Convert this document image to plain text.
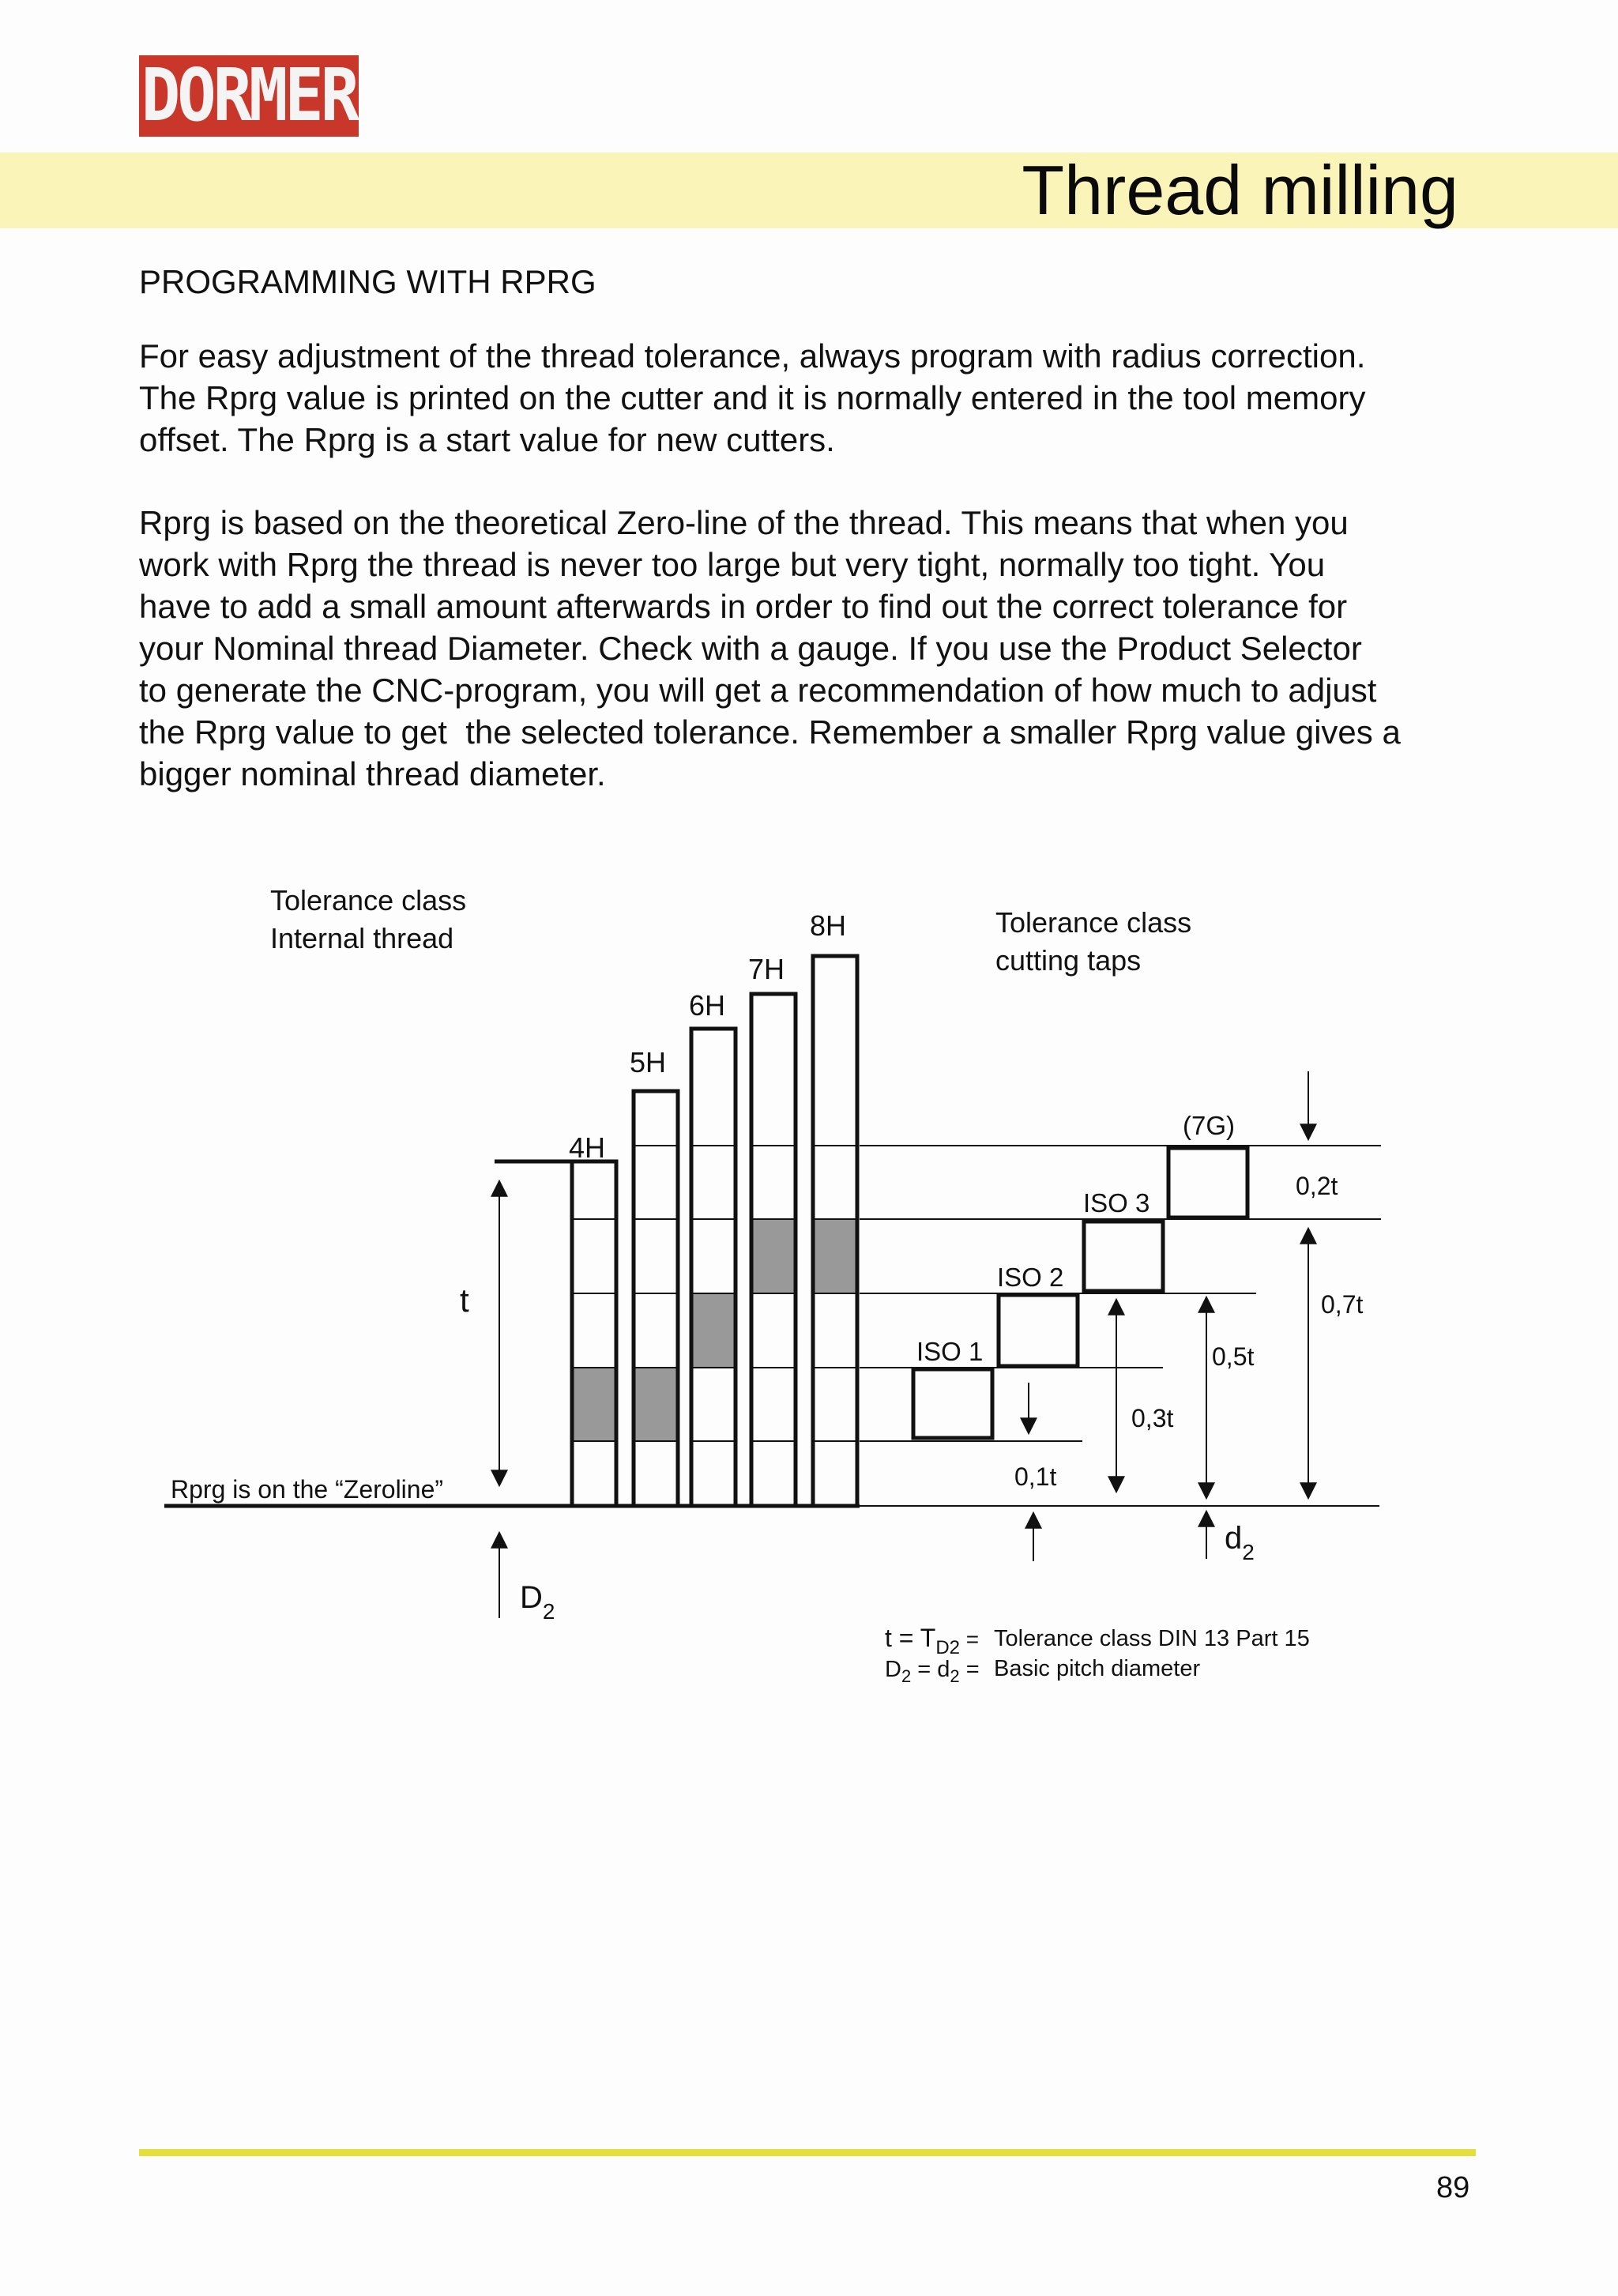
DORMER
Thread milling
PROGRAMMING WITH RPRG
For easy adjustment of the thread tolerance, always program with radius correction.
The Rprg value is printed on the cutter and it is normally entered in the tool memory
offset. The Rprg is a start value for new cutters.
Rprg is based on the theoretical Zero-line of the thread. This means that when you
work with Rprg the thread is never too large but very tight, normally too tight. You
have to add a small amount afterwards in order to find out the correct tolerance for
your Nominal thread Diameter. Check with a gauge. If you use the Product Selector
to generate the CNC-program, you will get a recommendation of how much to adjust
the Rprg value to get  the selected tolerance. Remember a smaller Rprg value gives a
bigger nominal thread diameter.
Tolerance class
Internal thread	Tolerance class
cutting taps
4H
5H
6H
7H
8H
ISO 1
ISO 2
ISO 3
(7G)
t
Rprg is on the “Zeroline”
$D_2$
$d_2$
0,1t
0,3t
0,5t
0,7t
0,2t
$t = T_{D2}$ = Tolerance class DIN 13 Part 15
$D_2 = d_2$ = Basic pitch diameter
89
